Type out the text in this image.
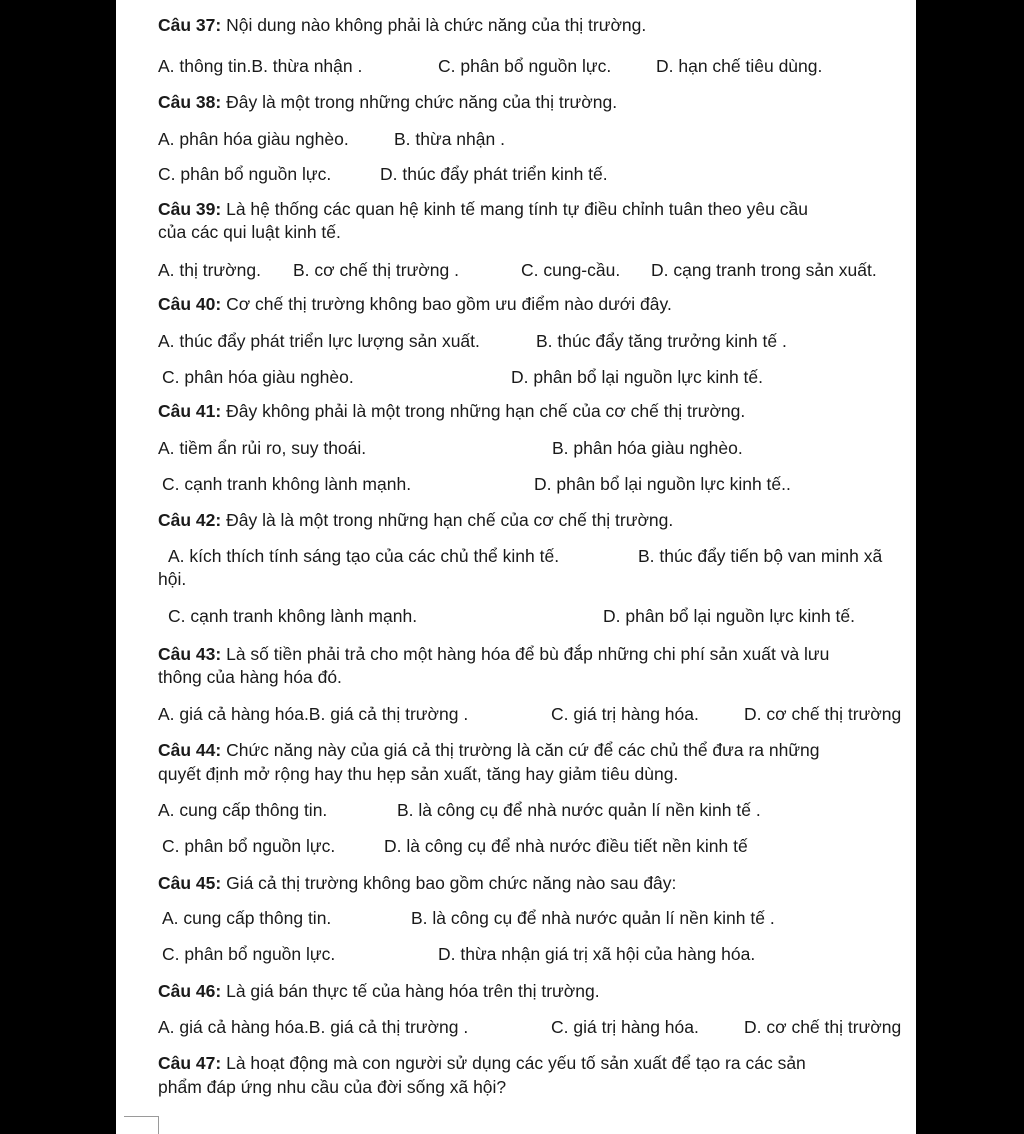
Câu 37: Nội dung nào không phải là chức năng của thị trường.
A. thông tin.B. thừa nhận .	C. phân bổ nguồn lực.	D. hạn chế tiêu dùng.
Câu 38: Đây là một trong những chức năng của thị trường.
A. phân hóa giàu nghèo.	B. thừa nhận .
C. phân bổ nguồn lực.	D. thúc đẩy phát triển kinh tế.
Câu 39: Là hệ thống các quan hệ kinh tế mang tính tự điều chỉnh tuân theo yêu cầu
của các qui luật kinh tế.
A. thị trường. B. cơ chế thị trường .	C. cung-cầu. D. cạng tranh trong sản xuất.
Câu 40: Cơ chế thị trường không bao gồm ưu điểm nào dưới đây.
A. thúc đẩy phát triển lực lượng sản xuất.	B. thúc đẩy tăng trưởng kinh tế .
C. phân hóa giàu nghèo.	D. phân bổ lại nguồn lực kinh tế.
Câu 41: Đây không phải là một trong những hạn chế của cơ chế thị trường.
A. tiềm ẩn rủi ro, suy thoái.	B. phân hóa giàu nghèo.
C. cạnh tranh không lành mạnh.	D. phân bổ lại nguồn lực kinh tế..
Câu 42: Đây là là một trong những hạn chế của cơ chế thị trường.
A. kích thích tính sáng tạo của các chủ thể kinh tế.	B. thúc đẩy tiến bộ van minh xã
hội.
C. cạnh tranh không lành mạnh.	D. phân bổ lại nguồn lực kinh tế.
Câu 43: Là số tiền phải trả cho một hàng hóa để bù đắp những chi phí sản xuất và lưu
thông của hàng hóa đó.
A. giá cả hàng hóa.B. giá cả thị trường .	C. giá trị hàng hóa.	D. cơ chế thị trường
Câu 44: Chức năng này của giá cả thị trường là căn cứ để các chủ thể đưa ra những
quyết định mở rộng hay thu hẹp sản xuất, tăng hay giảm tiêu dùng.
A. cung cấp thông tin.	B. là công cụ để nhà nước quản lí nền kinh tế .
C. phân bổ nguồn lực.	D. là công cụ để nhà nước điều tiết nền kinh tế
Câu 45: Giá cả thị trường không bao gồm chức năng nào sau đây:
A. cung cấp thông tin.	B. là công cụ để nhà nước quản lí nền kinh tế .
C. phân bổ nguồn lực.	D. thừa nhận giá trị xã hội của hàng hóa.
Câu 46: Là giá bán thực tế của hàng hóa trên thị trường.
A. giá cả hàng hóa.B. giá cả thị trường .	C. giá trị hàng hóa.	D. cơ chế thị trường
Câu 47: Là hoạt động mà con người sử dụng các yếu tố sản xuất để tạo ra các sản
phẩm đáp ứng nhu cầu của đời sống xã hội?
